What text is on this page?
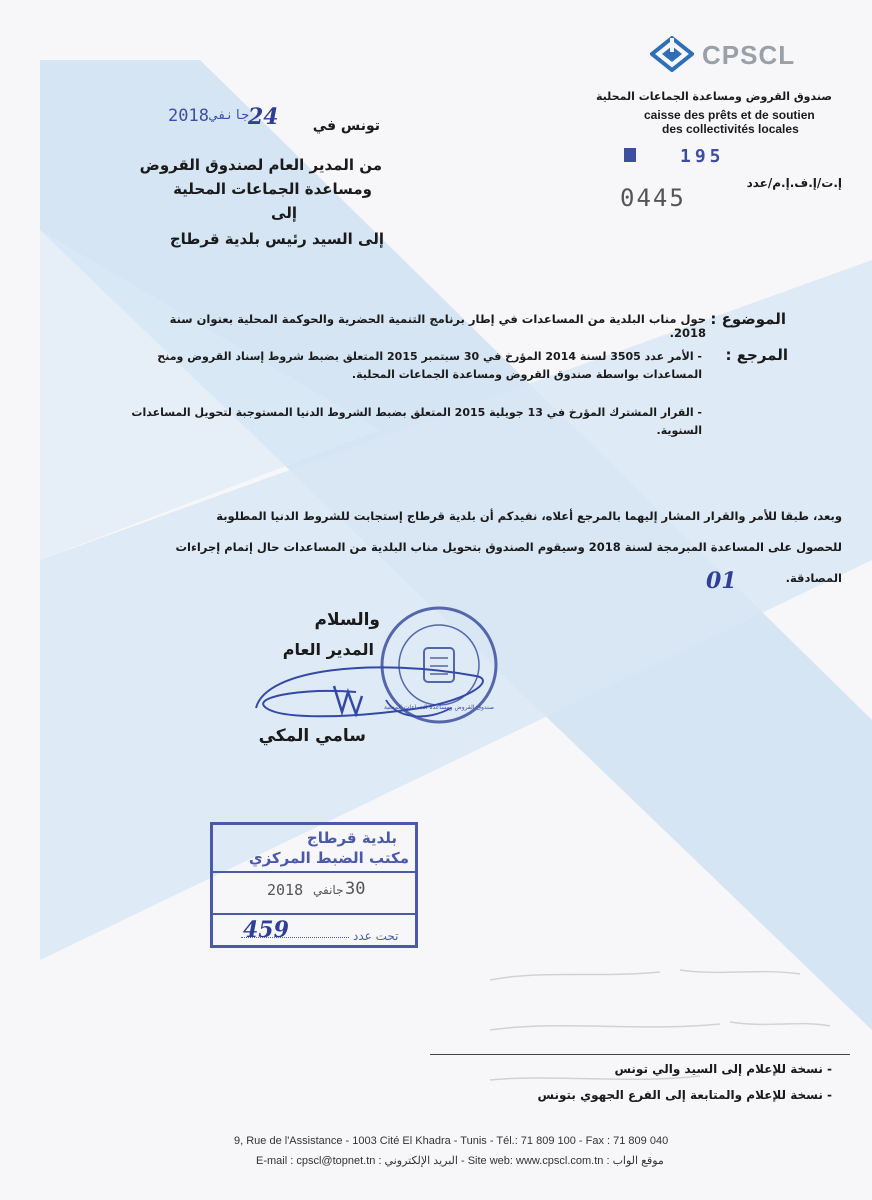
CPSCL
صندوق القروض ومساعدة الجماعات المحلية
caisse des prêts et de soutien
des collectivités locales
195
إ.ت/إ.ف.إ.م/عدد
0445
تونس في
24
جانفي
2018
من المدير العام لصندوق القروض
ومساعدة الجماعات المحلية
إلى
إلى السيد رئيس بلدية قرطاج
الموضوع :
حول مناب البلدية من المساعدات في إطار برنامج التنمية الحضرية والحوكمة المحلية بعنوان سنة 2018.
المرجع :
- الأمر عدد 3505 لسنة 2014 المؤرخ في 30 سبتمبر 2015 المتعلق بضبط شروط إسناد القروض ومنح
المساعدات بواسطة صندوق القروض ومساعدة الجماعات المحلية.
- القرار المشترك المؤرخ في 13 جويلية 2015 المتعلق بضبط الشروط الدنيا المستوجبة لتحويل المساعدات
السنوية.
وبعد، طبقا للأمر والقرار المشار إليهما بالمرجع أعلاه، نفيدكم أن بلدية قرطاج إستجابت للشروط الدنيا المطلوبة
للحصول على المساعدة المبرمجة لسنة 2018 وسيقوم الصندوق بتحويل مناب البلدية من المساعدات حال إتمام إجراءات
المصادقة.
01
والسلام
المدير العام
صندوق القروض ومساعدة الجماعات المحلية
سامي المكي
بلدية قرطاج
مكتب الضبط المركزي
2018 جانفي 30
459	تحت عدد
- نسخة للإعلام إلى السيد والي تونس
- نسخة للإعلام والمتابعة إلى الفرع الجهوي بتونس
9, Rue de l'Assistance - 1003 Cité El Khadra - Tunis - Tél.: 71 809 100 - Fax : 71 809 040
E-mail : cpscl@topnet.tn : البريد الإلكتروني - Site web: www.cpscl.com.tn : موقع الواب
